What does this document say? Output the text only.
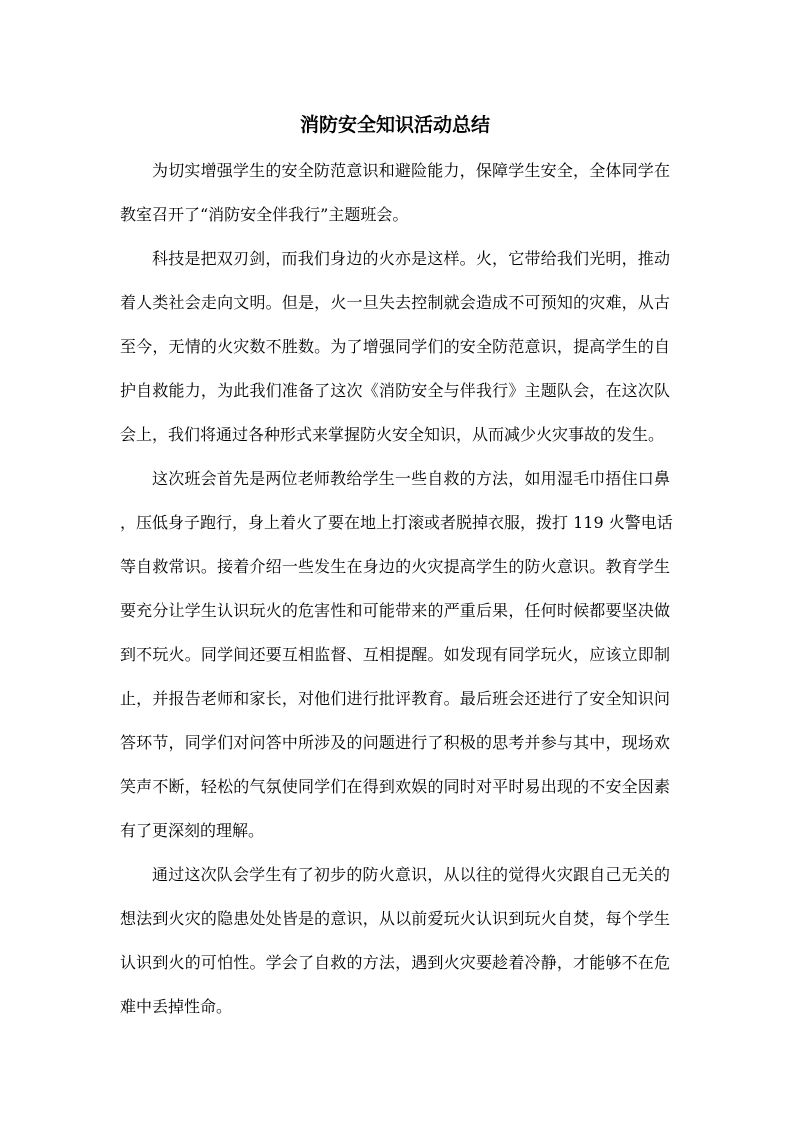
消防安全知识活动总结
为切实增强学生的安全防范意识和避险能力，保障学生安全，全体同学在
教室召开了“消防安全伴我行”主题班会。
科技是把双刃剑，而我们身边的火亦是这样。火，它带给我们光明，推动
着人类社会走向文明。但是，火一旦失去控制就会造成不可预知的灾难，从古
至今，无情的火灾数不胜数。为了增强同学们的安全防范意识，提高学生的自
护自救能力，为此我们准备了这次《消防安全与伴我行》主题队会，在这次队
会上，我们将通过各种形式来掌握防火安全知识，从而减少火灾事故的发生。
这次班会首先是两位老师教给学生一些自救的方法，如用湿毛巾捂住口鼻
，压低身子跑行，身上着火了要在地上打滚或者脱掉衣服，拨打 119 火警电话
等自救常识。接着介绍一些发生在身边的火灾提高学生的防火意识。教育学生
要充分让学生认识玩火的危害性和可能带来的严重后果，任何时候都要坚决做
到不玩火。同学间还要互相监督、互相提醒。如发现有同学玩火，应该立即制
止，并报告老师和家长，对他们进行批评教育。最后班会还进行了安全知识问
答环节，同学们对问答中所涉及的问题进行了积极的思考并参与其中，现场欢
笑声不断，轻松的气氛使同学们在得到欢娱的同时对平时易出现的不安全因素
有了更深刻的理解。
通过这次队会学生有了初步的防火意识，从以往的觉得火灾跟自己无关的
想法到火灾的隐患处处皆是的意识，从以前爱玩火认识到玩火自焚，每个学生
认识到火的可怕性。学会了自救的方法，遇到火灾要趁着冷静，才能够不在危
难中丢掉性命。
